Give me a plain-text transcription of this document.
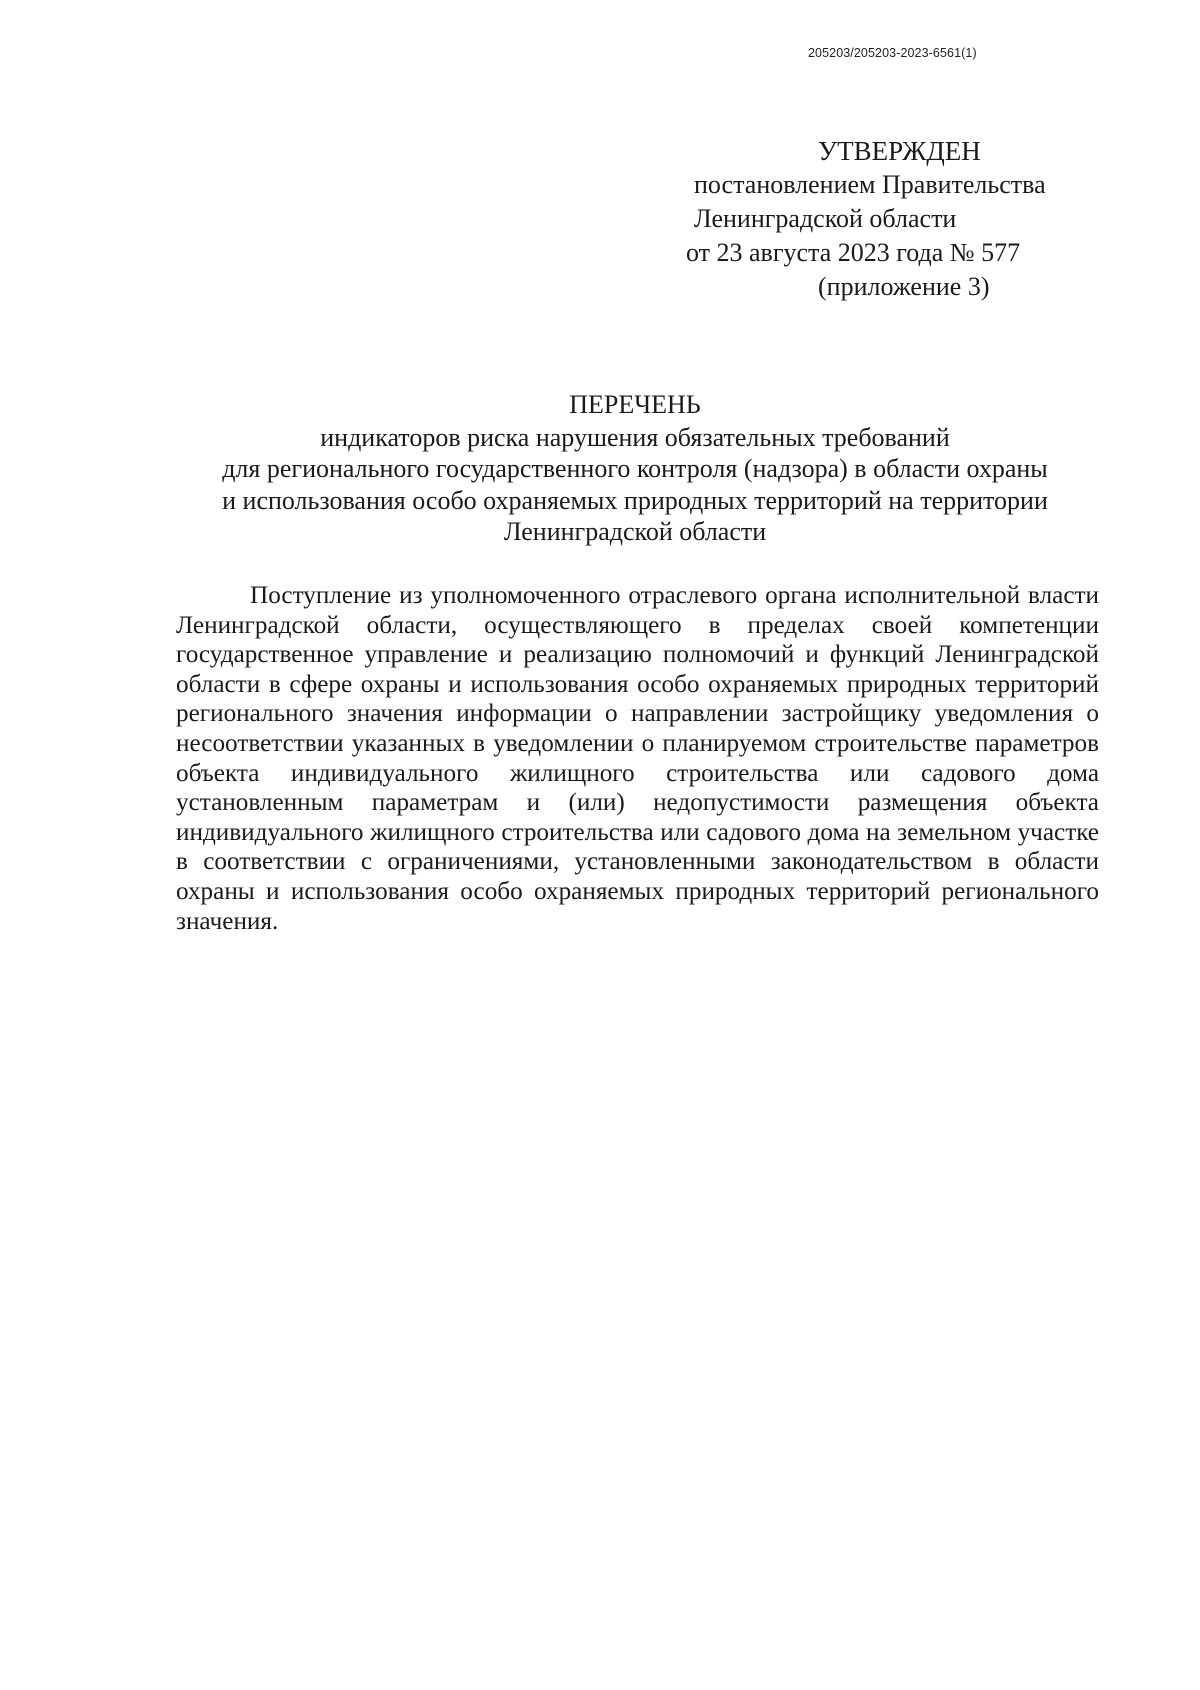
205203/205203-2023-6561(1)
УТВЕРЖДЕН
постановлением Правительства
Ленинградской области
от 23 августа 2023 года № 577
(приложение 3)
ПЕРЕЧЕНЬ
индикаторов риска нарушения обязательных требований
для регионального государственного контроля (надзора) в области охраны
и использования особо охраняемых природных территорий на территории
Ленинградской области

Поступление из уполномоченного отраслевого органа исполнительной власти Ленинградской области, осуществляющего в пределах своей компетенции государственное управление и реализацию полномочий и функций Ленинградской области в сфере охраны и использования особо охраняемых природных территорий регионального значения информации о направлении застройщику уведомления о несоответствии указанных в уведомлении о планируемом строительстве параметров объекта индивидуального жилищного строительства или садового дома установленным параметрам и (или) недопустимости размещения объекта индивидуального жилищного строительства или садового дома на земельном участке в соответствии с ограничениями, установленными законодательством в области охраны и использования особо охраняемых природных территорий регионального значения.
